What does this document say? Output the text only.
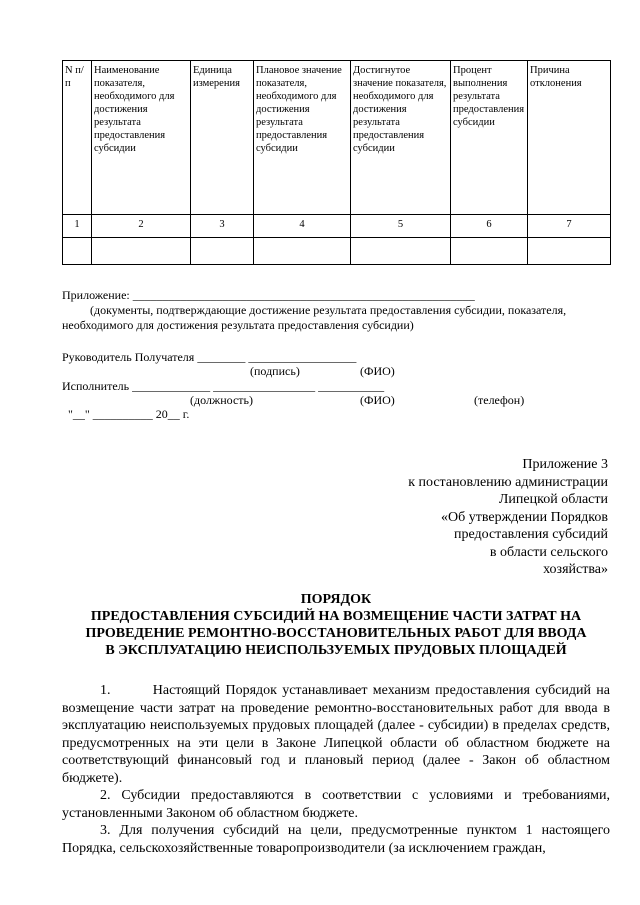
N п/п	Наименование показателя, необходимого для достижения результата предоставления субсидии	Единица измерения	Плановое значение показателя, необходимого для достижения результата предоставления субсидии	Достигнутое значение показателя, необходимого для достижения результата предоставления субсидии	Процент выполнения результата предоставления субсидии	Причина отклонения
1	2	3	4	5	6	7

Приложение: _________________________________________________________
(документы, подтверждающие достижение результата предоставления субсидии, показателя,
необходимого для достижения результата предоставления субсидии)
Руководитель Получателя ________ __________________
(подпись)	(ФИО)
Исполнитель _____________ _________________ ___________
(должность)	(ФИО)	(телефон)
"__" __________ 20__ г.
Приложение 3
к постановлению администрации
Липецкой области
«Об утверждении Порядков
предоставления субсидий
в области сельского
хозяйства»
ПОРЯДОК
ПРЕДОСТАВЛЕНИЯ СУБСИДИЙ НА ВОЗМЕЩЕНИЕ ЧАСТИ ЗАТРАТ НА
ПРОВЕДЕНИЕ РЕМОНТНО-ВОССТАНОВИТЕЛЬНЫХ РАБОТ ДЛЯ ВВОДА
В ЭКСПЛУАТАЦИЮ НЕИСПОЛЬЗУЕМЫХ ПРУДОВЫХ ПЛОЩАДЕЙ
1.        Настоящий Порядок устанавливает механизм предоставления субсидий на возмещение части затрат на проведение ремонтно-восстановительных работ для ввода в эксплуатацию неиспользуемых прудовых площадей (далее - субсидии) в пределах средств, предусмотренных на эти цели в Законе Липецкой области об областном бюджете на соответствующий финансовый год и плановый период (далее - Закон об областном бюджете).
2. Субсидии предоставляются в соответствии с условиями и требованиями, установленными Законом об областном бюджете.
3. Для получения субсидий на цели, предусмотренные пунктом 1 настоящего Порядка, сельскохозяйственные товаропроизводители (за исключением граждан,
